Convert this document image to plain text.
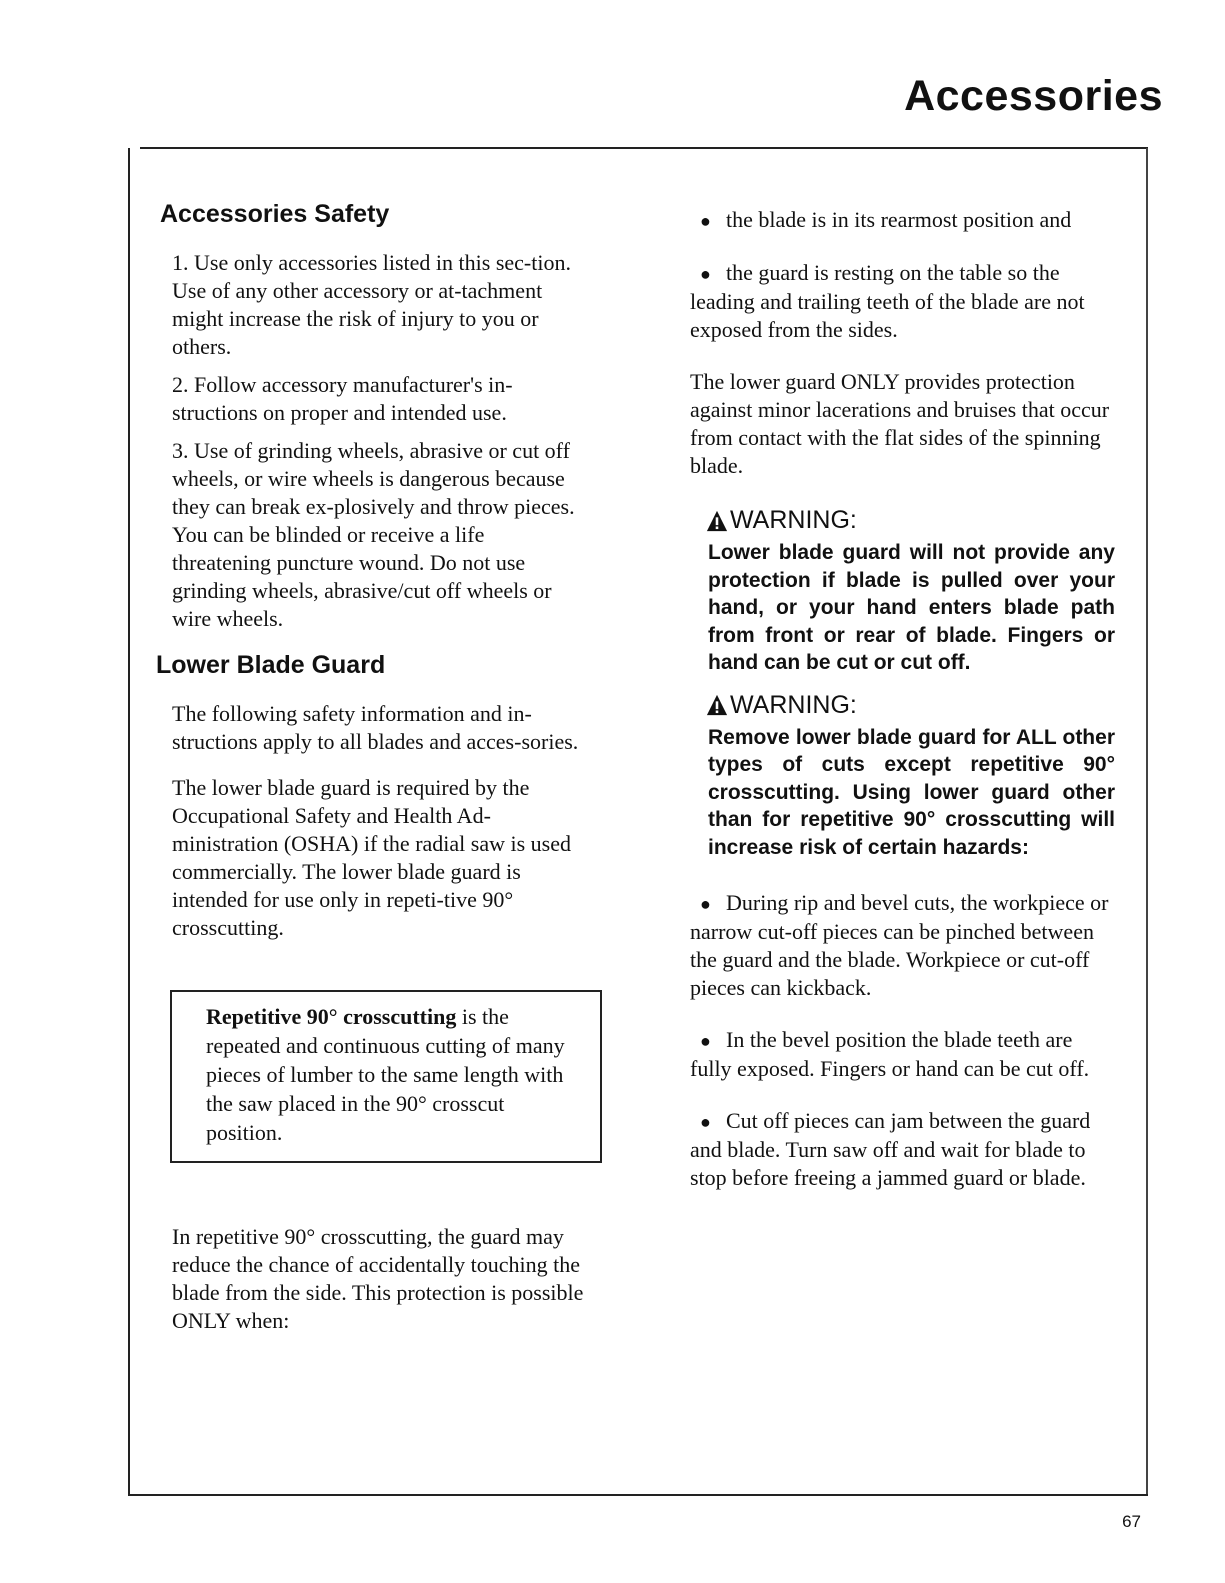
Accessories
Accessories Safety

1. Use only accessories listed in this sec-tion. Use of any other accessory or at-tachment might increase the risk of injury to you or others.

2. Follow accessory manufacturer's in-structions on proper and intended use.

3. Use of grinding wheels, abrasive or cut off wheels, or wire wheels is dangerous because they can break ex-plosively and throw pieces. You can be blinded or receive a life threatening puncture wound. Do not use grinding wheels, abrasive/cut off wheels or wire wheels.

Lower Blade Guard

The following safety information and in-structions apply to all blades and acces-sories.

The lower blade guard is required by the Occupational Safety and Health Ad-ministration (OSHA) if the radial saw is used commercially. The lower blade guard is intended for use only in repeti-tive 90° crosscutting.

Repetitive 90° crosscutting is the repeated and continuous cutting of many pieces of lumber to the same length with the saw placed in the 90° crosscut position.

In repetitive 90° crosscutting, the guard may reduce the chance of accidentally touching the blade from the side. This protection is possible ONLY when:

● the blade is in its rearmost position and

● the guard is resting on the table so the leading and trailing teeth of the blade are not exposed from the sides.

The lower guard ONLY provides protection against minor lacerations and bruises that occur from contact with the flat sides of the spinning blade.

WARNING:

Lower blade guard will not provide any protection if blade is pulled over your hand, or your hand enters blade path from front or rear of blade. Fingers or hand can be cut or cut off.

WARNING:

Remove lower blade guard for ALL other types of cuts except repetitive 90° crosscutting. Using lower guard other than for repetitive 90° crosscutting will increase risk of certain hazards:

● During rip and bevel cuts, the workpiece or narrow cut-off pieces can be pinched between the guard and the blade. Workpiece or cut-off pieces can kickback.

● In the bevel position the blade teeth are fully exposed. Fingers or hand can be cut off.

● Cut off pieces can jam between the guard and blade. Turn saw off and wait for blade to stop before freeing a jammed guard or blade.

67
